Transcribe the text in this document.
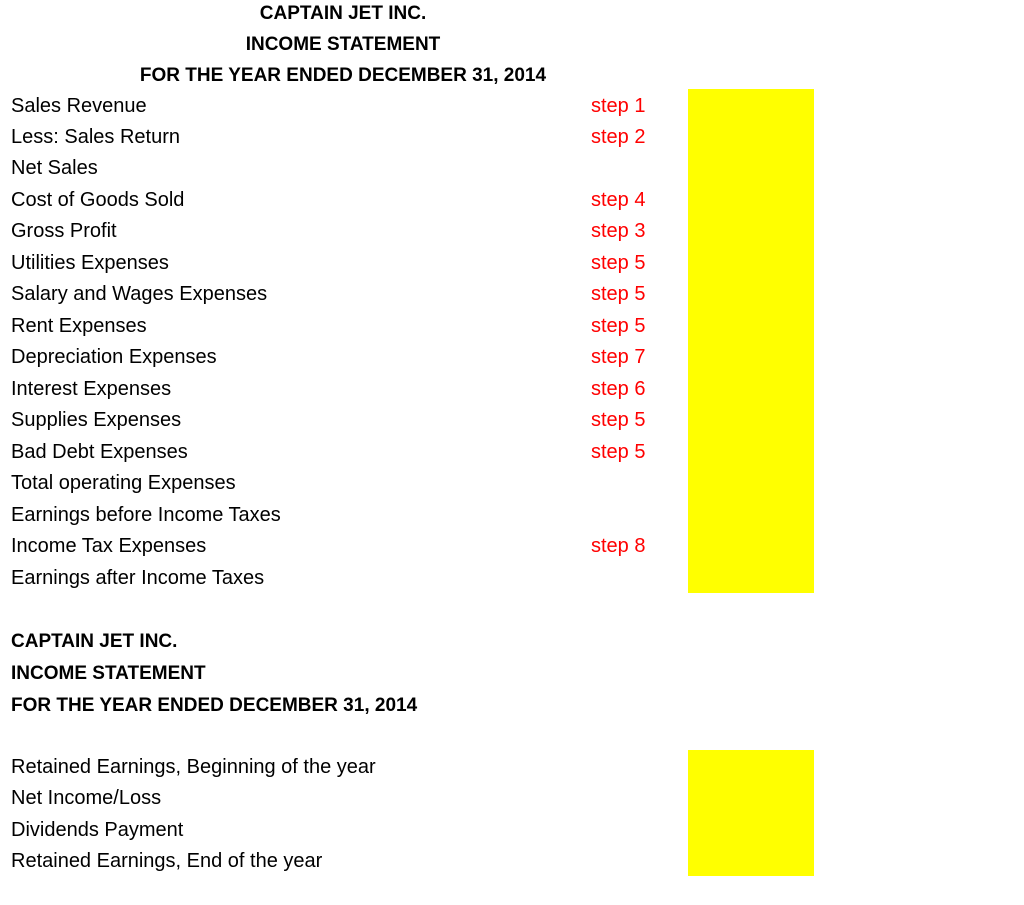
CAPTAIN JET INC.
INCOME STATEMENT
FOR THE YEAR ENDED DECEMBER 31, 2014
Sales Revenue	step 1
Less: Sales Return	step 2
Net Sales
Cost of Goods Sold	step 4
Gross Profit	step 3
Utilities Expenses	step 5
Salary and Wages Expenses	step 5
Rent Expenses	step 5
Depreciation Expenses	step 7
Interest Expenses	step 6
Supplies Expenses	step 5
Bad Debt Expenses	step 5
Total operating Expenses
Earnings before Income Taxes
Income Tax Expenses	step 8
Earnings after Income Taxes
CAPTAIN JET INC.
INCOME STATEMENT
FOR THE YEAR ENDED DECEMBER 31, 2014
Retained Earnings, Beginning of the year
Net Income/Loss
Dividends Payment
Retained Earnings, End of the year
